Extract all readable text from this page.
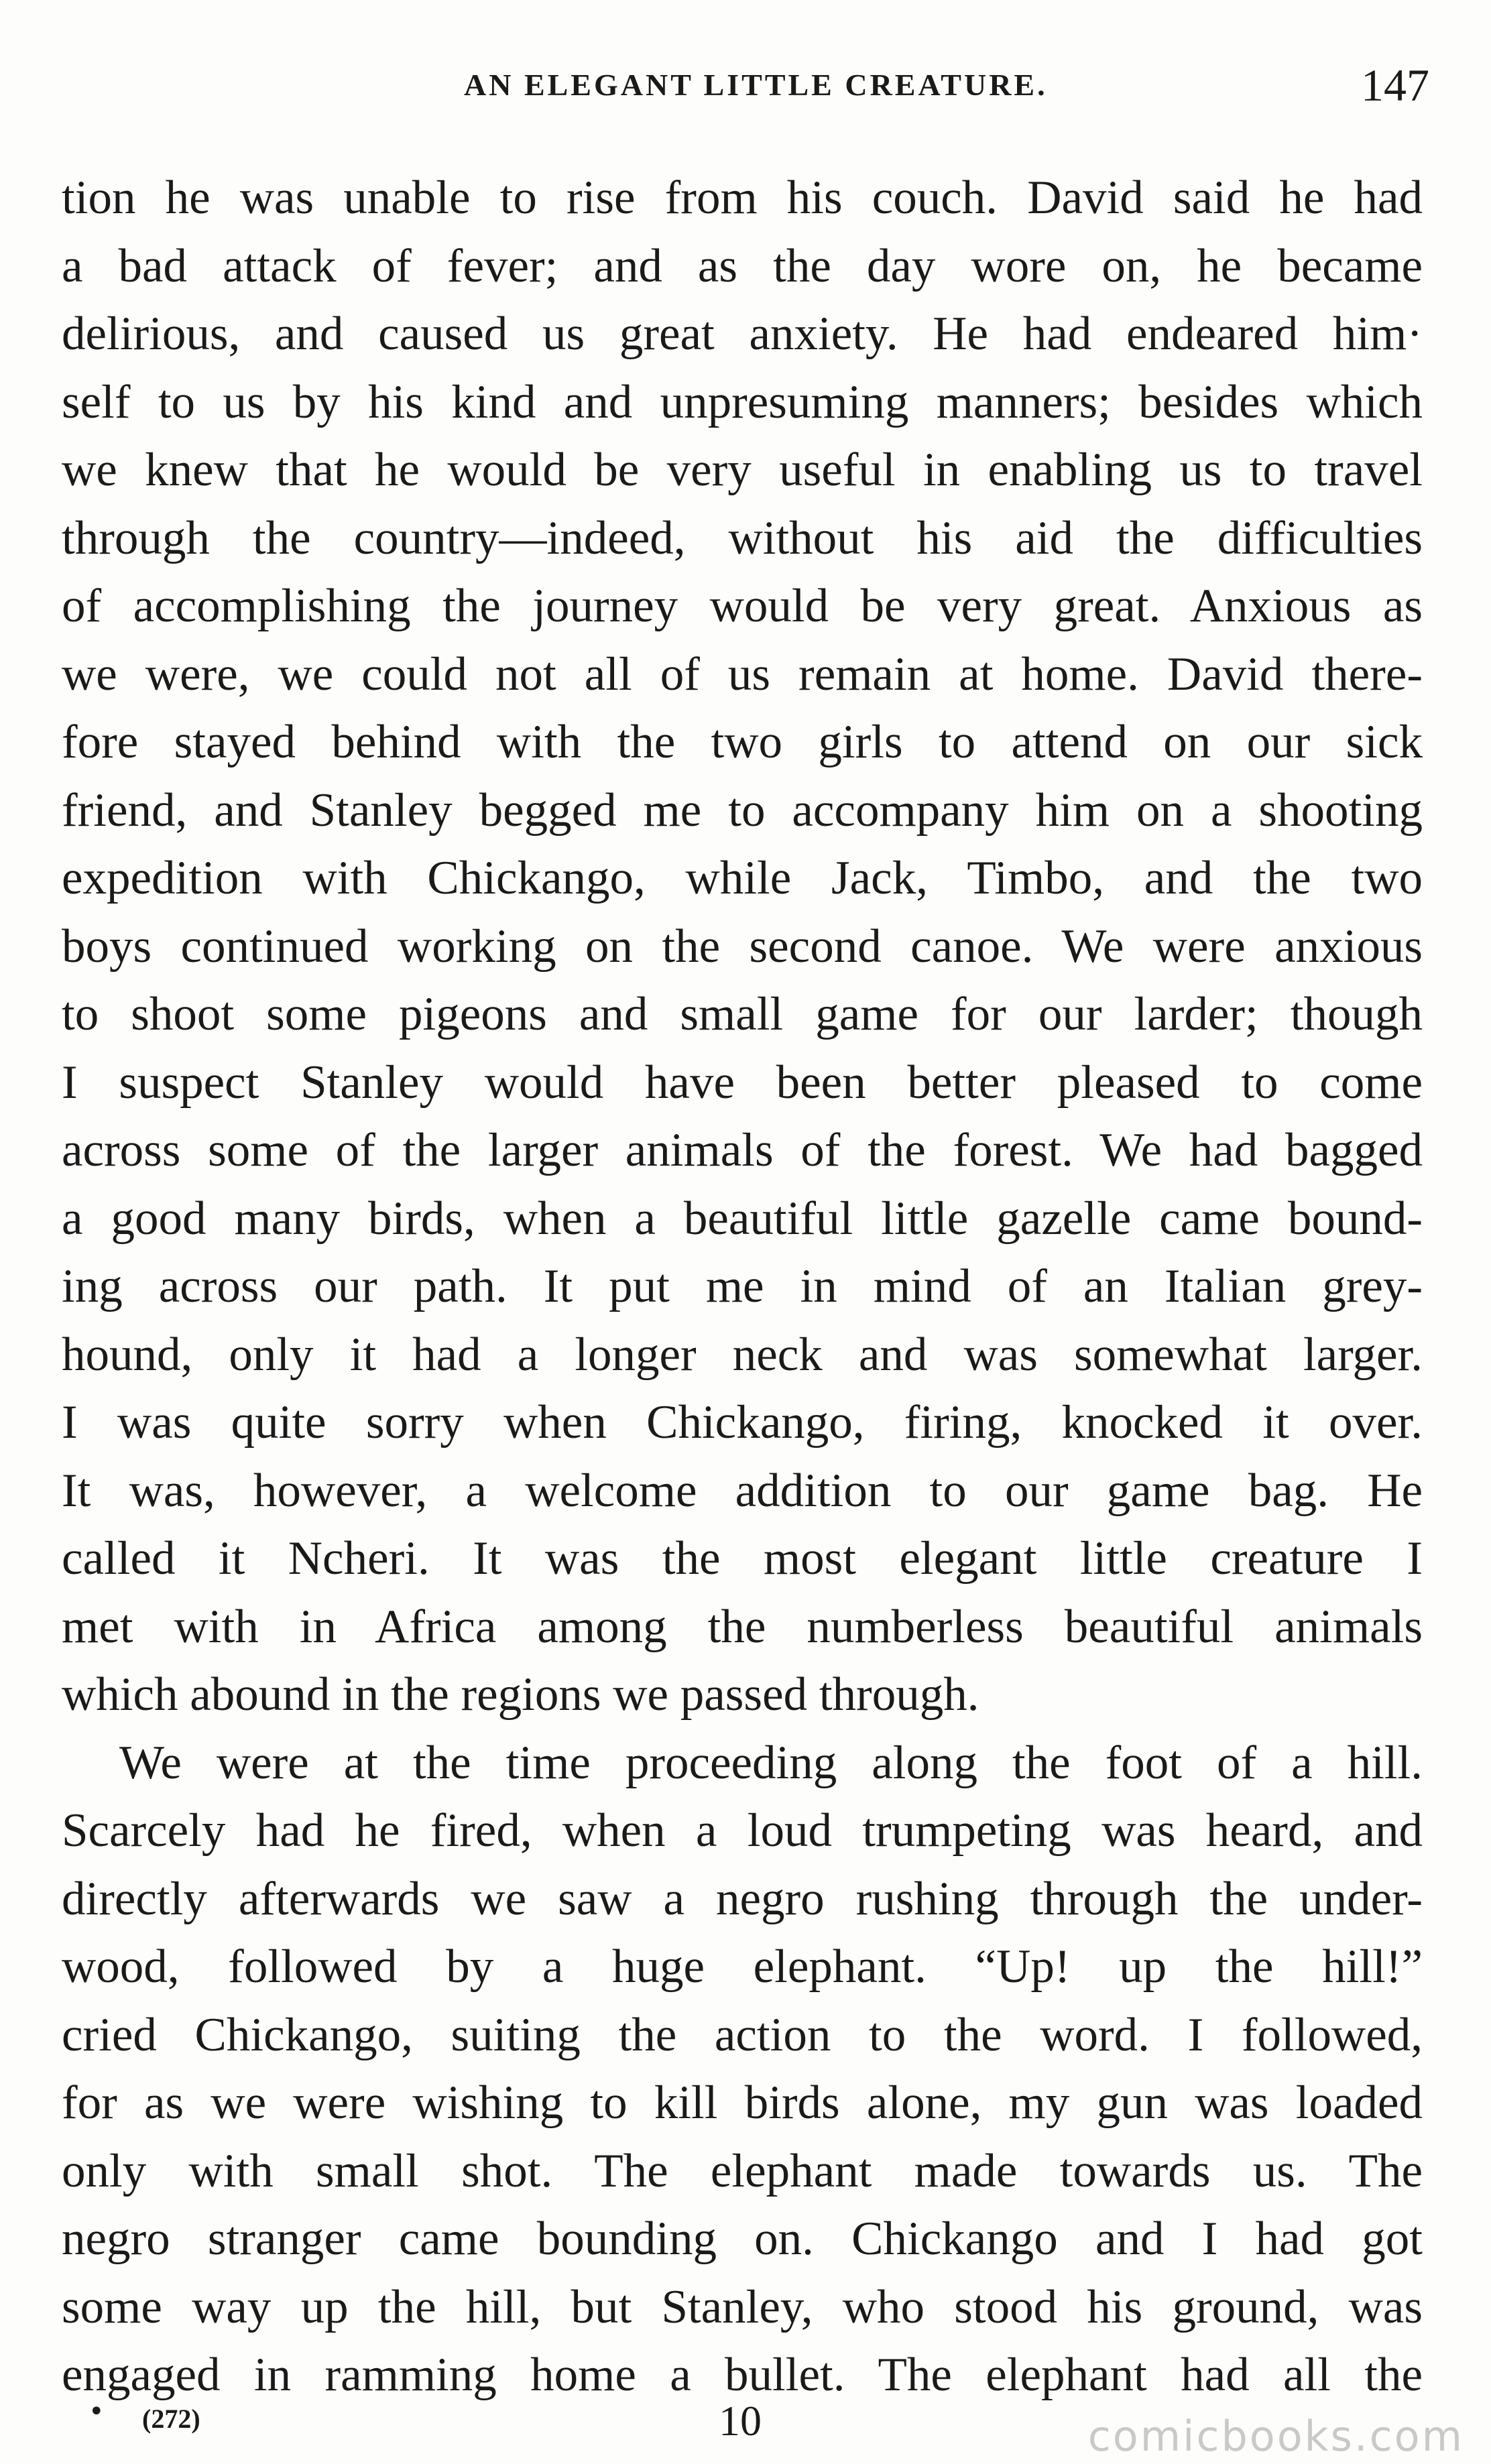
AN ELEGANT LITTLE CREATURE.	147
tion he was unable to rise from his couch. David said he had
a bad attack of fever; and as the day wore on, he became
delirious, and caused us great anxiety. He had endeared him·
self to us by his kind and unpresuming manners; besides which
we knew that he would be very useful in enabling us to travel
through the country—indeed, without his aid the difficulties
of accomplishing the journey would be very great. Anxious as
we were, we could not all of us remain at home. David there-
fore stayed behind with the two girls to attend on our sick
friend, and Stanley begged me to accompany him on a shooting
expedition with Chickango, while Jack, Timbo, and the two
boys continued working on the second canoe. We were anxious
to shoot some pigeons and small game for our larder; though
I suspect Stanley would have been better pleased to come
across some of the larger animals of the forest. We had bagged
a good many birds, when a beautiful little gazelle came bound-
ing across our path. It put me in mind of an Italian grey-
hound, only it had a longer neck and was somewhat larger.
I was quite sorry when Chickango, firing, knocked it over.
It was, however, a welcome addition to our game bag. He
called it Ncheri. It was the most elegant little creature I
met with in Africa among the numberless beautiful animals
which abound in the regions we passed through.
We were at the time proceeding along the foot of a hill.
Scarcely had he fired, when a loud trumpeting was heard, and
directly afterwards we saw a negro rushing through the under-
wood, followed by a huge elephant. “Up! up the hill!”
cried Chickango, suiting the action to the word. I followed,
for as we were wishing to kill birds alone, my gun was loaded
only with small shot. The elephant made towards us. The
negro stranger came bounding on. Chickango and I had got
some way up the hill, but Stanley, who stood his ground, was
engaged in ramming home a bullet. The elephant had all the
• (272)	10	comicbooks.com
